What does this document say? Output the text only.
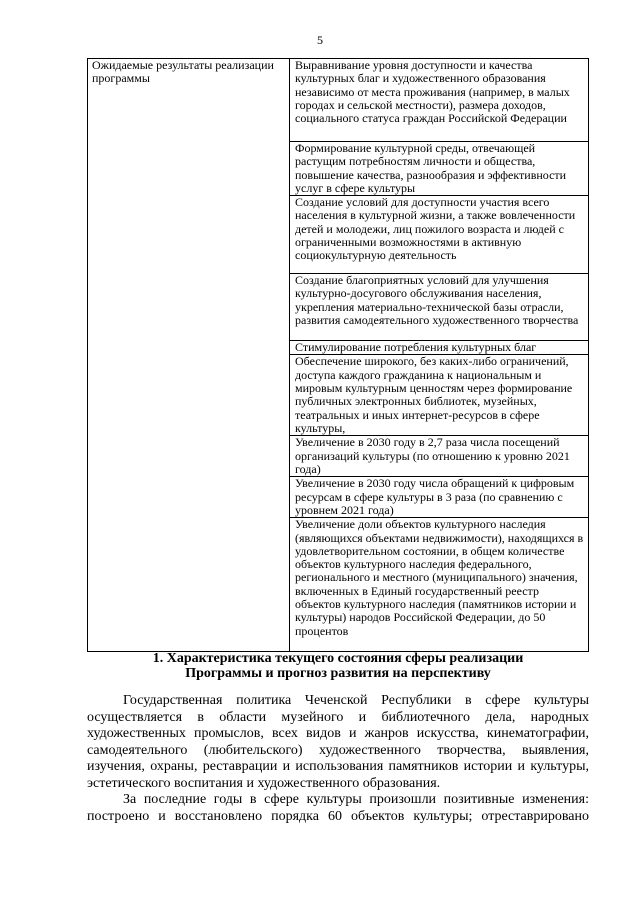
5
Ожидаемые результаты реализации программы	Выравнивание уровня доступности и качества культурных благ и художественного образования независимо от места проживания (например, в малых городах и сельской местности), размера доходов, социального статуса граждан Российской Федерации
Формирование культурной среды, отвечающей растущим потребностям личности и общества, повышение качества, разнообразия и эффективности услуг в сфере культуры
Создание условий для доступности участия всего населения в культурной жизни, а также вовлеченности детей и молодежи, лиц пожилого возраста и людей с ограниченными возможностями в активную социокультурную деятельность
Создание благоприятных условий для улучшения культурно-досугового обслуживания населения, укрепления материально-технической базы отрасли, развития самодеятельного художественного творчества
Стимулирование потребления культурных благ
Обеспечение широкого, без каких-либо ограничений, доступа каждого гражданина к национальным и мировым культурным ценностям через формирование публичных электронных библиотек, музейных, театральных и иных интернет-ресурсов в сфере культуры,
Увеличение в 2030 году в 2,7 раза числа посещений организаций культуры (по отношению к уровню 2021 года)
Увеличение в 2030 году числа обращений к цифровым ресурсам в сфере культуры в 3 раза (по сравнению с уровнем 2021 года)
Увеличение доли объектов культурного наследия (являющихся объектами недвижимости), находящихся в удовлетворительном состоянии, в общем количестве объектов культурного наследия федерального, регионального и местного (муниципального) значения, включенных в Единый государственный реестр объектов культурного наследия (памятников истории и культуры) народов Российской Федерации, до 50 процентов
1. Характеристика текущего состояния сферы реализации
Программы и прогноз развития на перспективу

Государственная политика Чеченской Республики в сфере культуры осуществляется в области музейного и библиотечного дела, народных художественных промыслов, всех видов и жанров искусства, кинематографии, самодеятельного (любительского) художественного творчества, выявления, изучения, охраны, реставрации и использования памятников истории и культуры, эстетического воспитания и художественного образования.

За последние годы в сфере культуры произошли позитивные изменения: построено и восстановлено порядка 60 объектов культуры; отреставрировано
